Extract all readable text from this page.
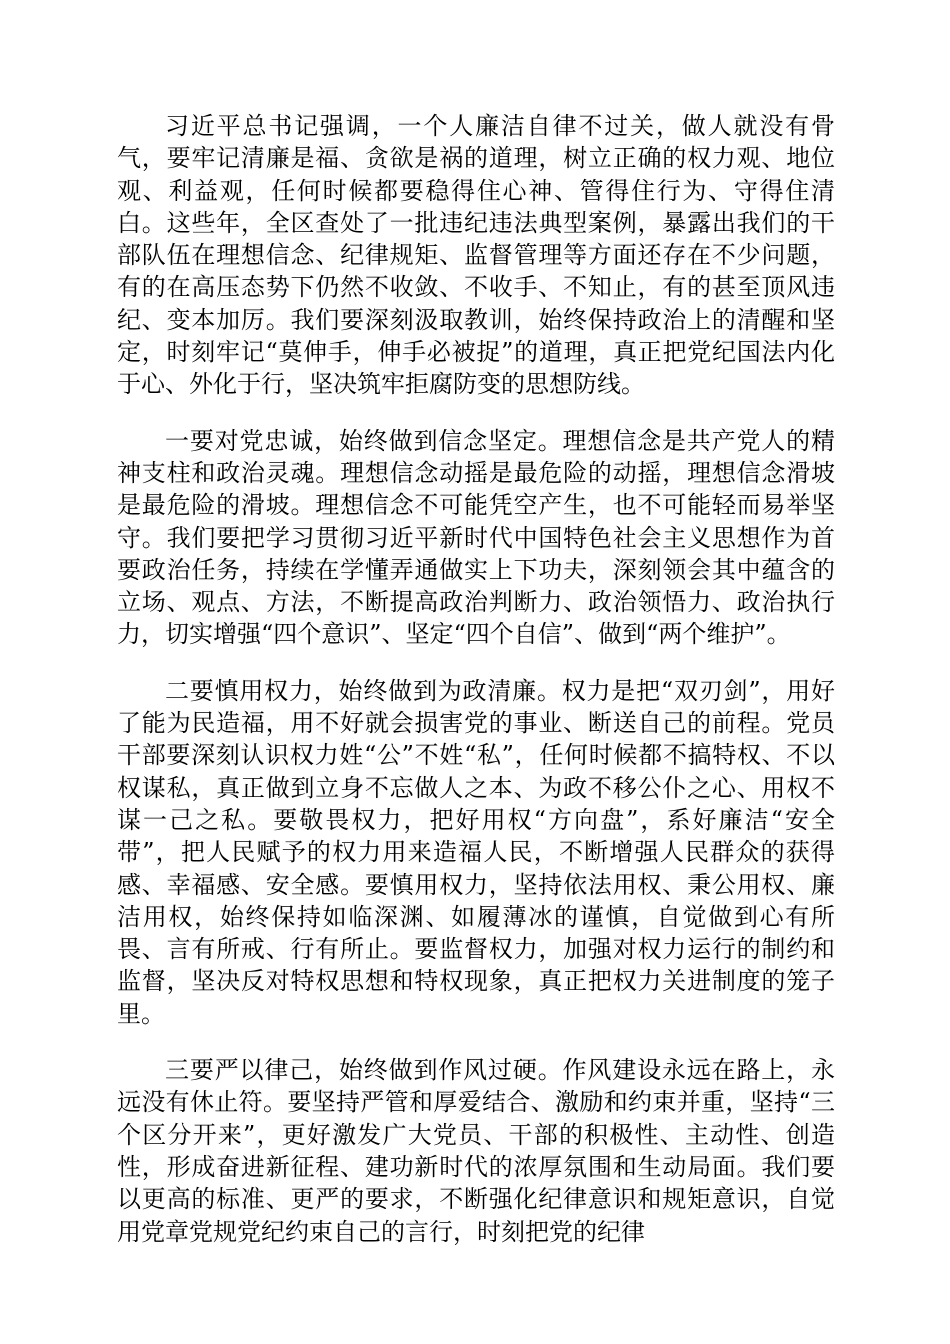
习近平总书记强调，一个人廉洁自律不过关，做人就没有骨气，要牢记清廉是福、贪欲是祸的道理，树立正确的权力观、地位观、利益观，任何时候都要稳得住心神、管得住行为、守得住清白。这些年，全区查处了一批违纪违法典型案例，暴露出我们的干部队伍在理想信念、纪律规矩、监督管理等方面还存在不少问题，有的在高压态势下仍然不收敛、不收手、不知止，有的甚至顶风违纪、变本加厉。我们要深刻汲取教训，始终保持政治上的清醒和坚定，时刻牢记“莫伸手，伸手必被捉”的道理，真正把党纪国法内化于心、外化于行，坚决筑牢拒腐防变的思想防线。

一要对党忠诚，始终做到信念坚定。理想信念是共产党人的精神支柱和政治灵魂。理想信念动摇是最危险的动摇，理想信念滑坡是最危险的滑坡。理想信念不可能凭空产生，也不可能轻而易举坚守。我们要把学习贯彻习近平新时代中国特色社会主义思想作为首要政治任务，持续在学懂弄通做实上下功夫，深刻领会其中蕴含的立场、观点、方法，不断提高政治判断力、政治领悟力、政治执行力，切实增强“四个意识”、坚定“四个自信”、做到“两个维护”。

二要慎用权力，始终做到为政清廉。权力是把“双刃剑”，用好了能为民造福，用不好就会损害党的事业、断送自己的前程。党员干部要深刻认识权力姓“公”不姓“私”，任何时候都不搞特权、不以权谋私，真正做到立身不忘做人之本、为政不移公仆之心、用权不谋一己之私。要敬畏权力，把好用权“方向盘”，系好廉洁“安全带”，把人民赋予的权力用来造福人民，不断增强人民群众的获得感、幸福感、安全感。要慎用权力，坚持依法用权、秉公用权、廉洁用权，始终保持如临深渊、如履薄冰的谨慎，自觉做到心有所畏、言有所戒、行有所止。要监督权力，加强对权力运行的制约和监督，坚决反对特权思想和特权现象，真正把权力关进制度的笼子里。

三要严以律己，始终做到作风过硬。作风建设永远在路上，永远没有休止符。要坚持严管和厚爱结合、激励和约束并重，坚持“三个区分开来”，更好激发广大党员、干部的积极性、主动性、创造性，形成奋进新征程、建功新时代的浓厚氛围和生动局面。我们要以更高的标准、更严的要求，不断强化纪律意识和规矩意识，自觉用党章党规党纪约束自己的言行，时刻把党的纪律
